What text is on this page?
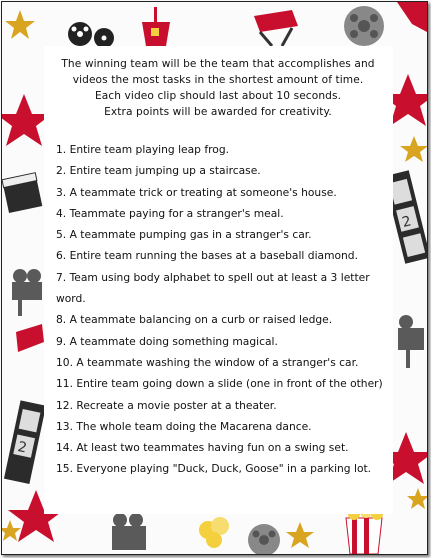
2
2
The winning team will be the team that accomplishes and
videos the most tasks in the shortest amount of time.
Each video clip should last about 10 seconds.
Extra points will be awarded for creativity.
1. Entire team playing leap frog.
2. Entire team jumping up a staircase.
3. A teammate trick or treating at someone's house.
4. Teammate paying for a stranger's meal.
5. A teammate pumping gas in a stranger's car.
6. Entire team running the bases at a baseball diamond.
7. Team using body alphabet to spell out at least a 3 letter word.
8. A teammate balancing on a curb or raised ledge.
9. A teammate doing something magical.
10. A teammate washing the window of a stranger's car.
11. Entire team going down a slide (one in front of the other)
12. Recreate a movie poster at a theater.
13. The whole team doing the Macarena dance.
14. At least two teammates having fun on a swing set.
15. Everyone playing "Duck, Duck, Goose" in a parking lot.
